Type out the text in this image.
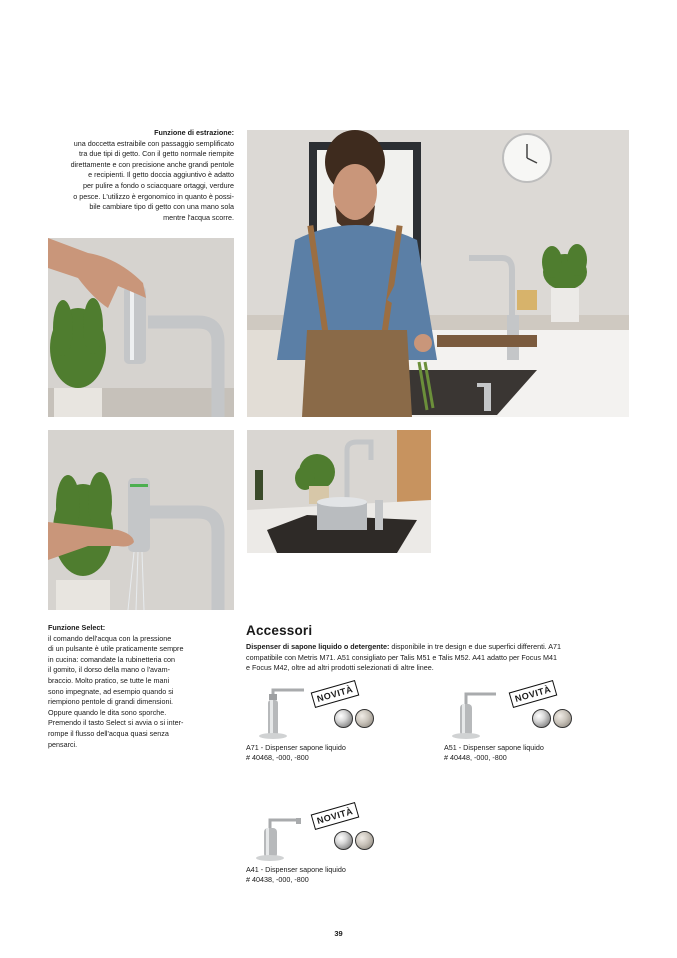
Funzione di estrazione:
una doccetta estraibile con passaggio semplificato
tra due tipi di getto. Con il getto normale riempite
direttamente e con precisione anche grandi pentole
e recipienti. Il getto doccia aggiuntivo è adatto
per pulire a fondo o sciacquare ortaggi, verdure
o pesce. L'utilizzo è ergonomico in quanto è possi-
bile cambiare tipo di getto con una mano sola
mentre l'acqua scorre.
Funzione Select:
il comando dell'acqua con la pressione
di un pulsante è utile praticamente sempre
in cucina: comandate la rubinetteria con
il gomito, il dorso della mano o l'avam-
braccio. Molto pratico, se tutte le mani
sono impegnate, ad esempio quando si
riempiono pentole di grandi dimensioni.
Oppure quando le dita sono sporche.
Premendo il tasto Select si avvia o si inter-
rompe il flusso dell'acqua quasi senza
pensarci.
Accessori
Dispenser di sapone liquido o detergente: disponibile in tre design e due superfici differenti. A71
compatibile con Metris M71. A51 consigliato per Talis M51 e Talis M52. A41 adatto per Focus M41
e Focus M42, oltre ad altri prodotti selezionati di altre linee.
NOVITÀ
A71 - Dispenser sapone liquido
# 40468, -000, -800
NOVITÀ
A51 - Dispenser sapone liquido
# 40448, -000, -800
NOVITÀ
A41 - Dispenser sapone liquido
# 40438, -000, -800
39
